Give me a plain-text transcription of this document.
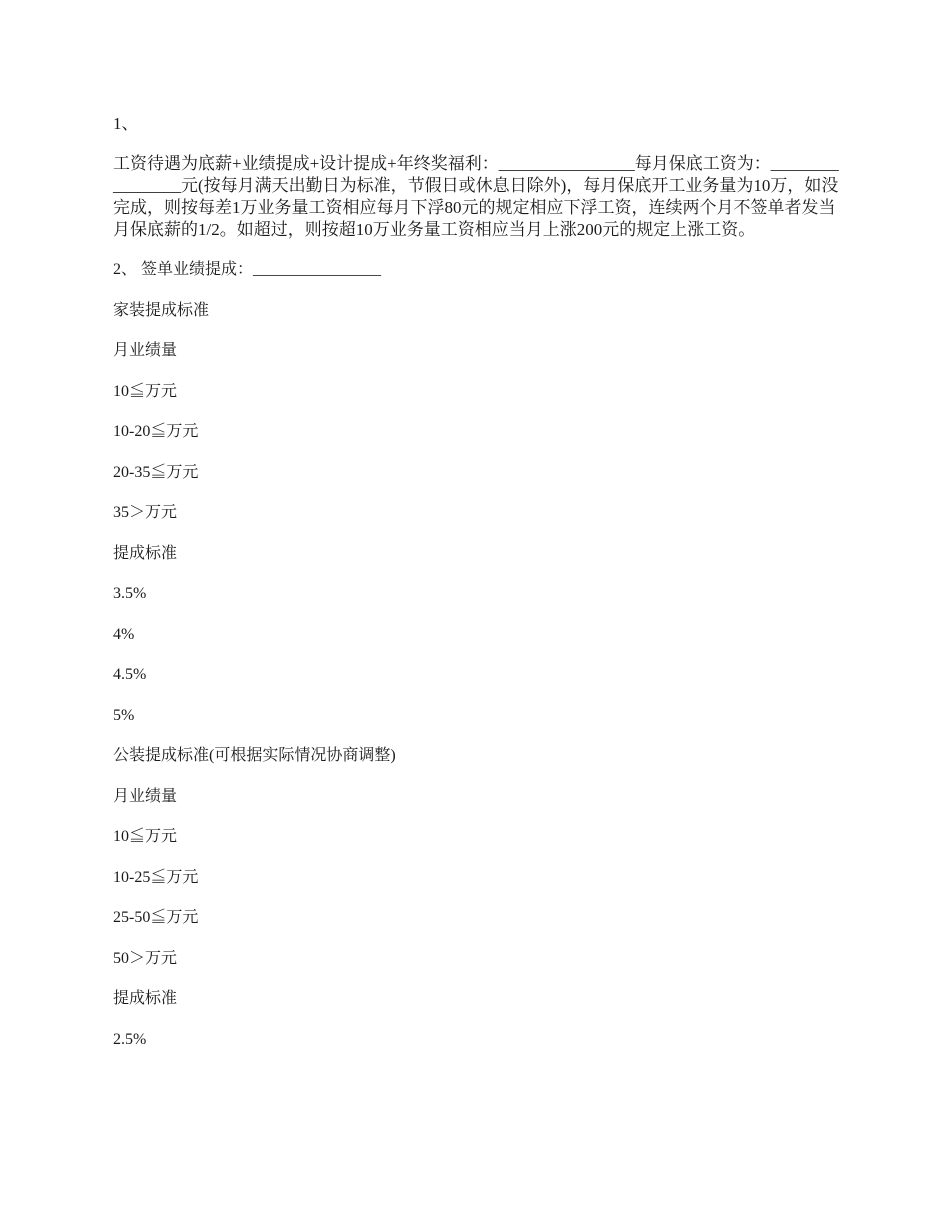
1、

工资待遇为底薪+业绩提成+设计提成+年终奖福利：________________每月保底工资为：________________元(按每月满天出勤日为标准，节假日或休息日除外)，每月保底开工业务量为10万，如没完成，则按每差1万业务量工资相应每月下浮80元的规定相应下浮工资，连续两个月不签单者发当月保底薪的1/2。如超过，则按超10万业务量工资相应当月上涨200元的规定上涨工资。

2、 签单业绩提成：________________
家装提成标准
月业绩量
10≦万元
10-20≦万元
20-35≦万元
35＞万元
提成标准
3.5%
4%
4.5%
5%
公装提成标准(可根据实际情况协商调整)
月业绩量
10≦万元
10-25≦万元
25-50≦万元
50＞万元
提成标准
2.5%
